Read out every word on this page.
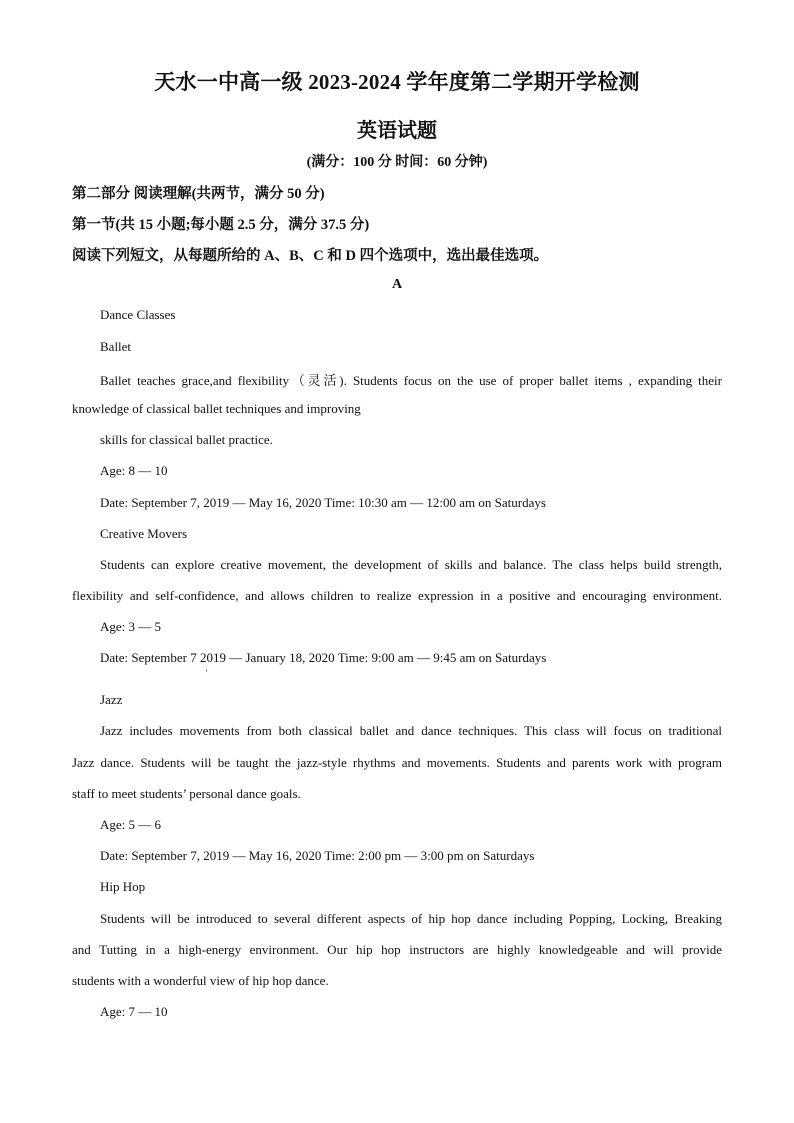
天水一中高一级 2023-2024 学年度第二学期开学检测
英语试题
(满分：100 分 时间：60 分钟)
第二部分 阅读理解(共两节，满分 50 分)
第一节(共 15 小题;每小题 2.5 分，满分 37.5 分)
阅读下列短文，从每题所给的 A、B、C 和 D 四个选项中，选出最佳选项。
A
Dance Classes
Ballet
Ballet teaches grace,and flexibility（灵活). Students focus on the use of proper ballet items , expanding their
knowledge of classical ballet techniques and improving
skills for classical ballet practice.
Age: 8 — 10
Date: September 7, 2019 — May 16, 2020 Time: 10:30 am — 12:00 am on Saturdays
Creative Movers
Students can explore creative movement, the development of skills and balance. The class helps build strength,
flexibility and self-confidence, and allows children to realize expression in a positive and encouraging environment.
Age: 3 — 5
Date: September 7 2019 — January 18, 2020 Time: 9:00 am — 9:45 am on Saturdays
ʼ
Jazz
Jazz includes movements from both classical ballet and dance techniques. This class will focus on traditional
Jazz dance. Students will be taught the jazz-style rhythms and movements. Students and parents work with program
staff to meet students’ personal dance goals.
Age: 5 — 6
Date: September 7, 2019 — May 16, 2020 Time: 2:00 pm — 3:00 pm on Saturdays
Hip Hop
Students will be introduced to several different aspects of hip hop dance including Popping, Locking, Breaking
and Tutting in a high-energy environment. Our hip hop instructors are highly knowledgeable and will provide
students with a wonderful view of hip hop dance.
Age: 7 — 10
